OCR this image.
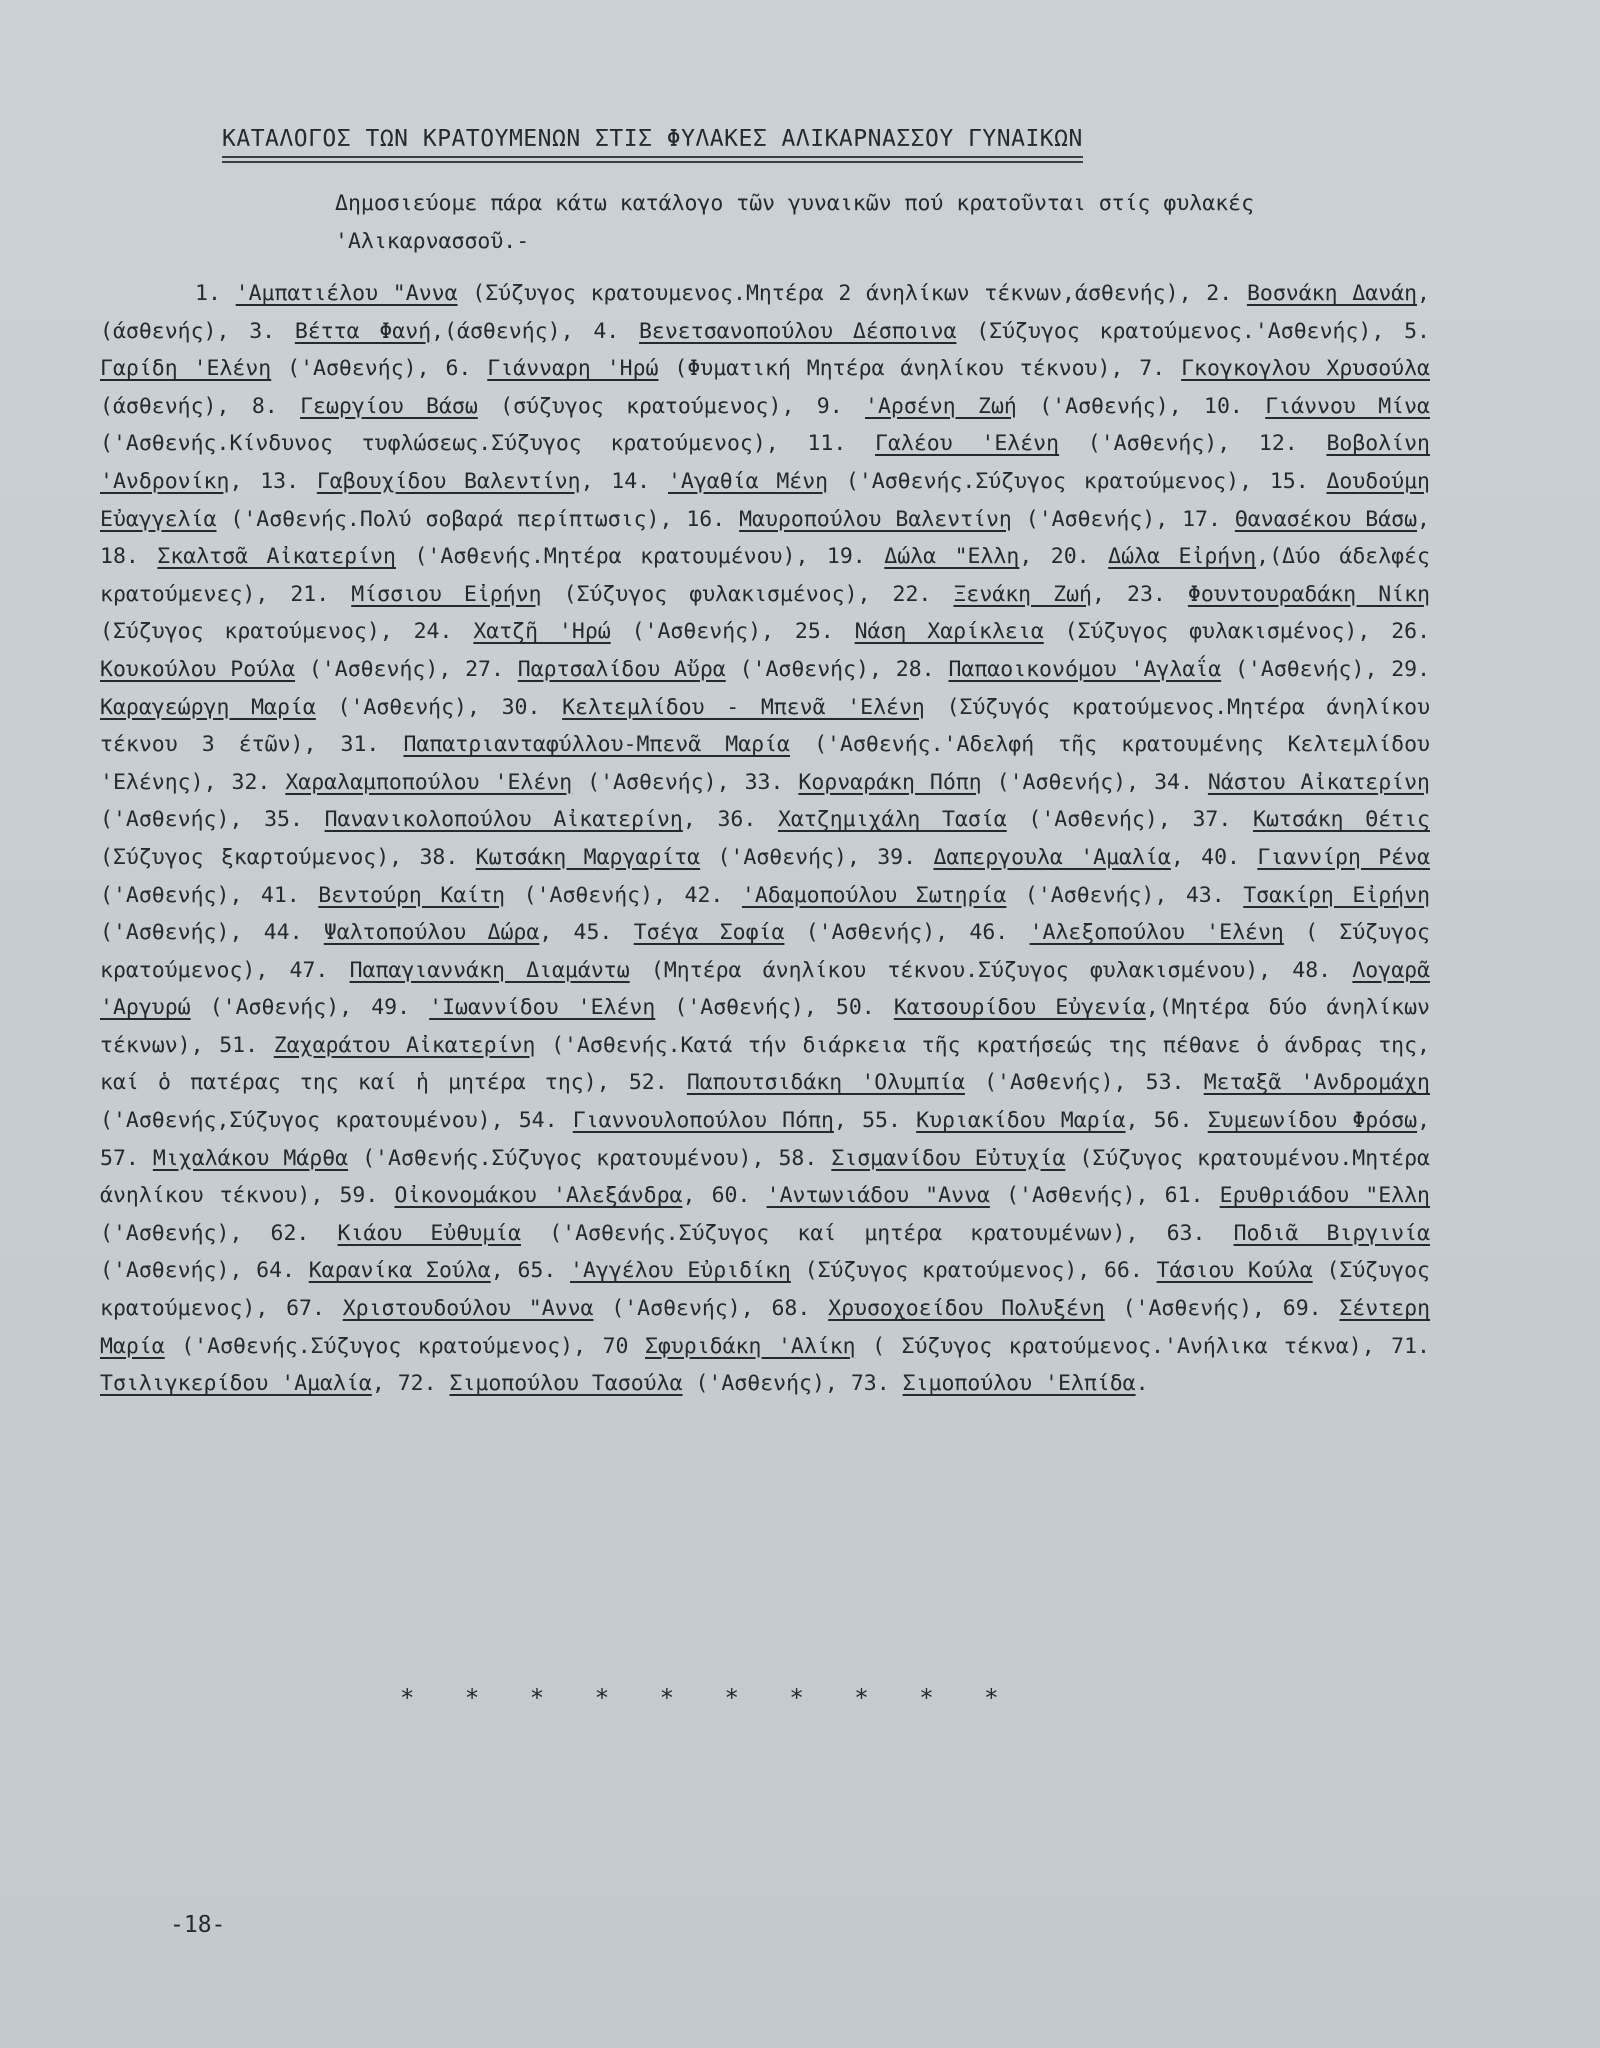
ΚΑΤΑΛΟΓΟΣ ΤΩΝ ΚΡΑΤΟΥΜΕΝΩΝ ΣΤΙΣ ΦΥΛΑΚΕΣ ΑΛΙΚΑΡΝΑΣΣΟΥ ΓΥΝΑΙΚΩΝ

Δημοσιεύομε πάρα κάτω κατάλογο τῶν γυναικῶν πού κρατοῦνται στίς φυλακές 'Αλικαρνασσοῦ.-

1. 'Αμπατιέλου "Αννα (Σύζυγος κρατουμενος.Μητέρα 2 άνηλίκων τέκνων,άσθενής), 2. Βοσνάκη Δανάη,(άσθενής), 3. Βέττα Φανή,(άσθενής), 4. Βενετσανοπούλου Δέσποινα (Σύζυγος κρατούμενος.'Ασθενής), 5. Γαρίδη 'Ελένη ('Ασθενής), 6. Γιάνναρη 'Ηρώ (Φυματική Μητέρα άνηλίκου τέκνου), 7. Γκογκογλου Χρυσούλα (άσθενής), 8. Γεωργίου Βάσω (σύζυγος κρατούμενος), 9. 'Αρσένη Ζωή ('Ασθενής), 10. Γιάννου Μίνα ('Ασθενής.Κίνδυνος τυφλώσεως.Σύζυγος κρατούμενος), 11. Γαλέου 'Ελένη ('Ασθενής), 12. Βοβολίνη 'Ανδρονίκη, 13. Γαβουχίδου Βαλεντίνη, 14. 'Αγαθία Μένη ('Ασθενής.Σύζυγος κρατούμενος), 15. Δουδούμη Εὐαγγελία ('Ασθενής.Πολύ σοβαρά περίπτωσις), 16. Μαυροπούλου Βαλεντίνη ('Ασθενής), 17. Θανασέκου Βάσω, 18. Σκαλτσᾶ Αἰκατερίνη ('Ασθενής.Μητέρα κρατουμένου), 19. Δώλα "Ελλη, 20. Δώλα Εἰρήνη,(Δύο άδελφές κρατούμενες), 21. Μίσσιου Εἰρήνη (Σύζυγος φυλακισμένος), 22. Ξενάκη Ζωή, 23. Φουντουραδάκη Νίκη (Σύζυγος κρατούμενος), 24. Χατζῆ 'Ηρώ ('Ασθενής), 25. Νάση Χαρίκλεια (Σύζυγος φυλακισμένος), 26. Κουκούλου Ρούλα ('Ασθενής), 27. Παρτσαλίδου Αὔρα ('Ασθενής), 28. Παπαοικονόμου 'Αγλαΐα ('Ασθενής), 29. Καραγεώργη Μαρία ('Ασθενής), 30. Κελτεμλίδου - Μπενᾶ 'Ελένη (Σύζυγός κρατούμενος.Μητέρα άνηλίκου τέκνου 3 έτῶν), 31. Παπατριανταφύλλου-Μπενᾶ Μαρία ('Ασθενής.'Αδελφή τῆς κρατουμένης Κελτεμλίδου 'Ελένης), 32. Χαραλαμποπούλου 'Ελένη ('Ασθενής), 33. Κορναράκη Πόπη ('Ασθενής), 34. Νάστου Αἰκατερίνη ('Ασθενής), 35. Πανανικολοπούλου Αἰκατερίνη, 36. Χατζημιχάλη Τασία ('Ασθενής), 37. Κωτσάκη Θέτις (Σύζυγος ξκαρτούμενος), 38. Κωτσάκη Μαργαρίτα ('Ασθενής), 39. Δαπεργουλα 'Αμαλία, 40. Γιαννίρη Ρένα ('Ασθενής), 41. Βεντούρη Καίτη ('Ασθενής), 42. 'Αδαμοπούλου Σωτηρία ('Ασθενής), 43. Τσακίρη Εἰρήνη ('Ασθενής), 44. Ψαλτοπούλου Δώρα, 45. Τσέγα Σοφία ('Ασθενής), 46. 'Αλεξοπούλου 'Ελένη ( Σύζυγος κρατούμενος), 47. Παπαγιαννάκη Διαμάντω (Μητέρα άνηλίκου τέκνου.Σύζυγος φυλακισμένου), 48. Λογαρᾶ 'Αργυρώ ('Ασθενής), 49. 'Ιωαννίδου 'Ελένη ('Ασθενής), 50. Κατσουρίδου Εὐγενία,(Μητέρα δύο άνηλίκων τέκνων), 51. Ζαχαράτου Αἰκατερίνη ('Ασθενής.Κατά τήν διάρκεια τῆς κρατήσεώς της πέθανε ὁ άνδρας της, καί ὁ πατέρας της καί ἡ μητέρα της), 52. Παπουτσιδάκη 'Ολυμπία ('Ασθενής), 53. Μεταξᾶ 'Ανδρομάχη ('Ασθενής,Σύζυγος κρατουμένου), 54. Γιαννουλοπούλου Πόπη, 55. Κυριακίδου Μαρία, 56. Συμεωνίδου Φρόσω, 57. Μιχαλάκου Μάρθα ('Ασθενής.Σύζυγος κρατουμένου), 58. Σισμανίδου Εὐτυχία (Σύζυγος κρατουμένου.Μητέρα άνηλίκου τέκνου), 59. Οἰκονομάκου 'Αλεξάνδρα, 60. 'Αντωνιάδου "Αννα ('Ασθενής), 61. Ερυθριάδου "Ελλη ('Ασθενής), 62. Κιάου Εὐθυμία ('Ασθενής.Σύζυγος καί μητέρα κρατουμένων), 63. Ποδιᾶ Βιργινία ('Ασθενής), 64. Καρανίκα Σούλα, 65. 'Αγγέλου Εὐριδίκη (Σύζυγος κρατούμενος), 66. Τάσιου Κούλα (Σύζυγος κρατούμενος), 67. Χριστουδούλου "Αννα ('Ασθενής), 68. Χρυσοχοείδου Πολυξένη ('Ασθενής), 69. Σέντερη Μαρία ('Ασθενής.Σύζυγος κρατούμενος), 70 Σφυριδάκη 'Αλίκη ( Σύζυγος κρατούμενος.'Ανήλικα τέκνα), 71. Τσιλιγκερίδου 'Αμαλία, 72. Σιμοπούλου Τασούλα ('Ασθενής), 73. Σιμοπούλου 'Ελπίδα.

* * * * * * * * * *
-18-
